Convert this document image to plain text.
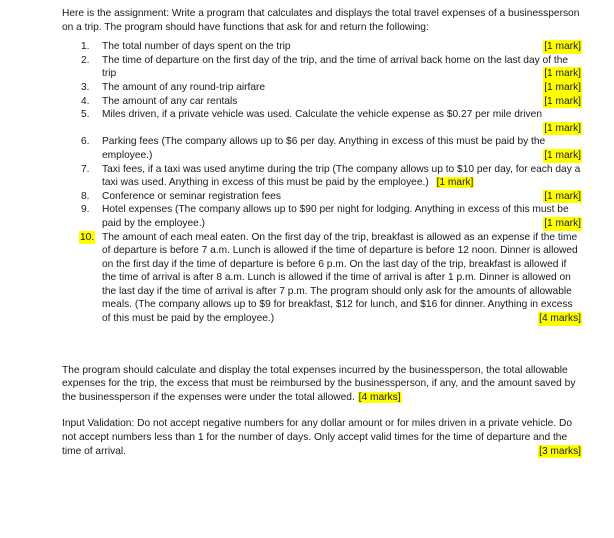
Here is the assignment: Write a program that calculates and displays the total travel expenses of a businessperson on a trip. The program should have functions that ask for and return the following:

1. The total number of days spent on the trip	[1 mark]
2. The time of departure on the first day of the trip, and the time of arrival back home on the last day of the trip	[1 mark]
3. The amount of any round-trip airfare	[1 mark]
4. The amount of any car rentals	[1 mark]
5. Miles driven, if a private vehicle was used. Calculate the vehicle expense as $0.27 per mile driven
[1 mark]
6. Parking fees (The company allows up to $6 per day. Anything in excess of this must be paid by the employee.)	[1 mark]
7. Taxi fees, if a taxi was used anytime during the trip (The company allows up to $10 per day, for each day a taxi was used. Anything in excess of this must be paid by the employee.) [1 mark]
8. Conference or seminar registration fees	[1 mark]
9. Hotel expenses (The company allows up to $90 per night for lodging. Anything in excess of this must be paid by the employee.)	[1 mark]
10. The amount of each meal eaten. On the first day of the trip, breakfast is allowed as an expense if the time of departure is before 7 a.m. Lunch is allowed if the time of departure is before 12 noon. Dinner is allowed on the first day if the time of departure is before 6 p.m. On the last day of the trip, breakfast is allowed if the time of arrival is after 8 a.m. Lunch is allowed if the time of arrival is after 1 p.m. Dinner is allowed on the last day if the time of arrival is after 7 p.m. The program should only ask for the amounts of allowable meals. (The company allows up to $9 for breakfast, $12 for lunch, and $16 for dinner. Anything in excess of this must be paid by the employee.)	[4 marks]

The program should calculate and display the total expenses incurred by the businessperson, the total allowable expenses for the trip, the excess that must be reimbursed by the businessperson, if any, and the amount saved by the businessperson if the expenses were under the total allowed. [4 marks]

Input Validation: Do not accept negative numbers for any dollar amount or for miles driven in a private vehicle. Do not accept numbers less than 1 for the number of days. Only accept valid times for the time of departure and the time of arrival.	[3 marks]
